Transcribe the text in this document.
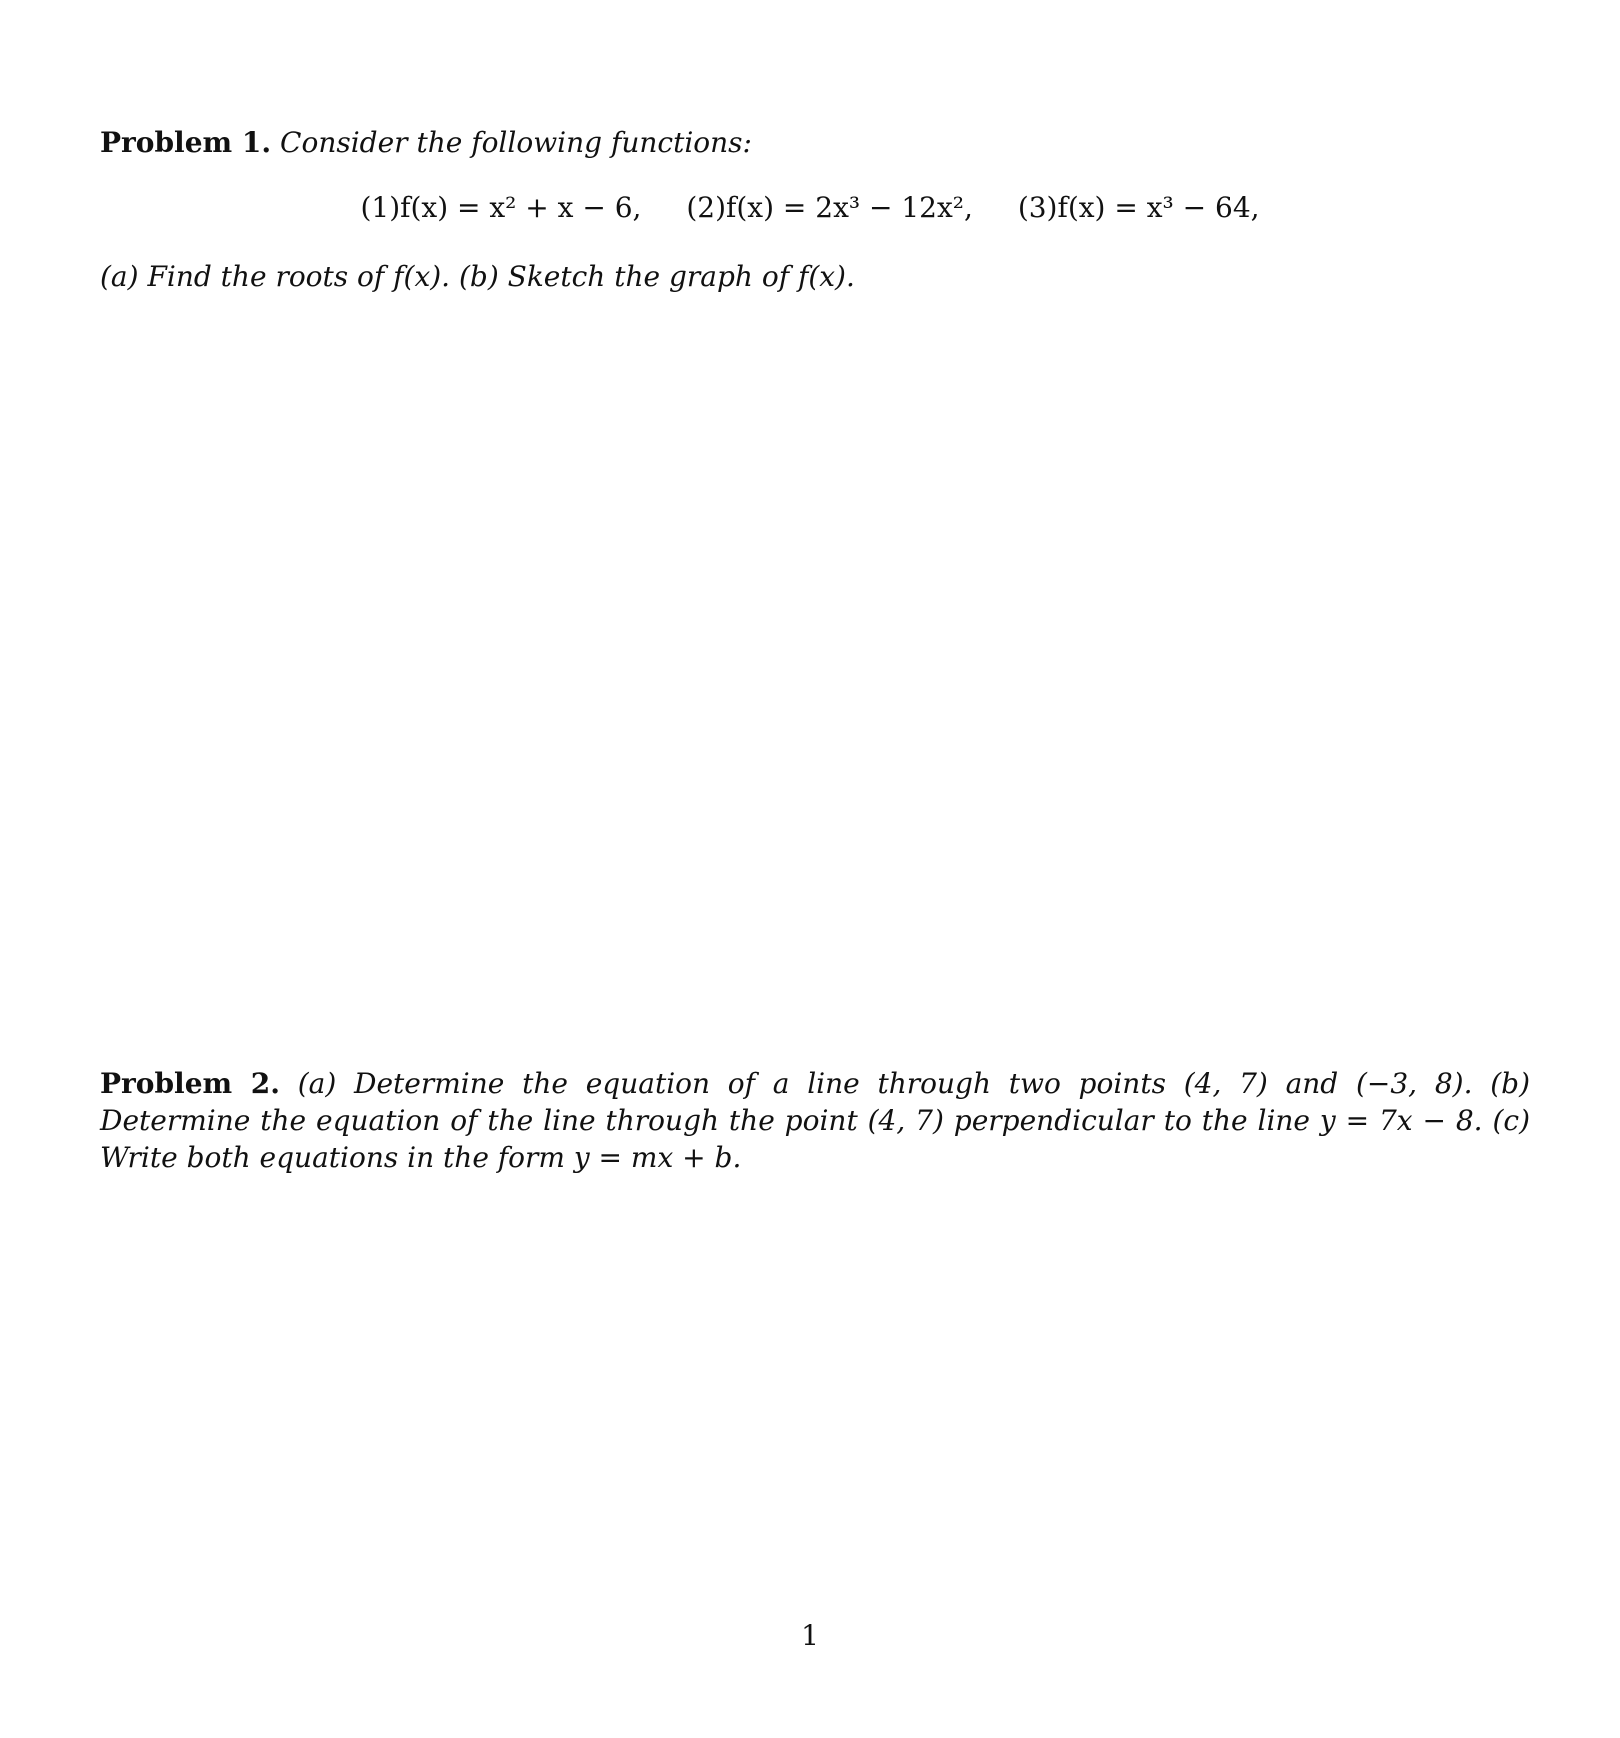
Problem 1. Consider the following functions:
(1)f(x) = x² + x − 6, (2)f(x) = 2x³ − 12x², (3)f(x) = x³ − 64,
(a) Find the roots of f(x). (b) Sketch the graph of f(x).
Problem 2. (a) Determine the equation of a line through two points (4, 7) and (−3, 8). (b) Determine the equation of the line through the point (4, 7) perpendicular to the line y = 7x − 8. (c) Write both equations in the form y = mx + b.
1
